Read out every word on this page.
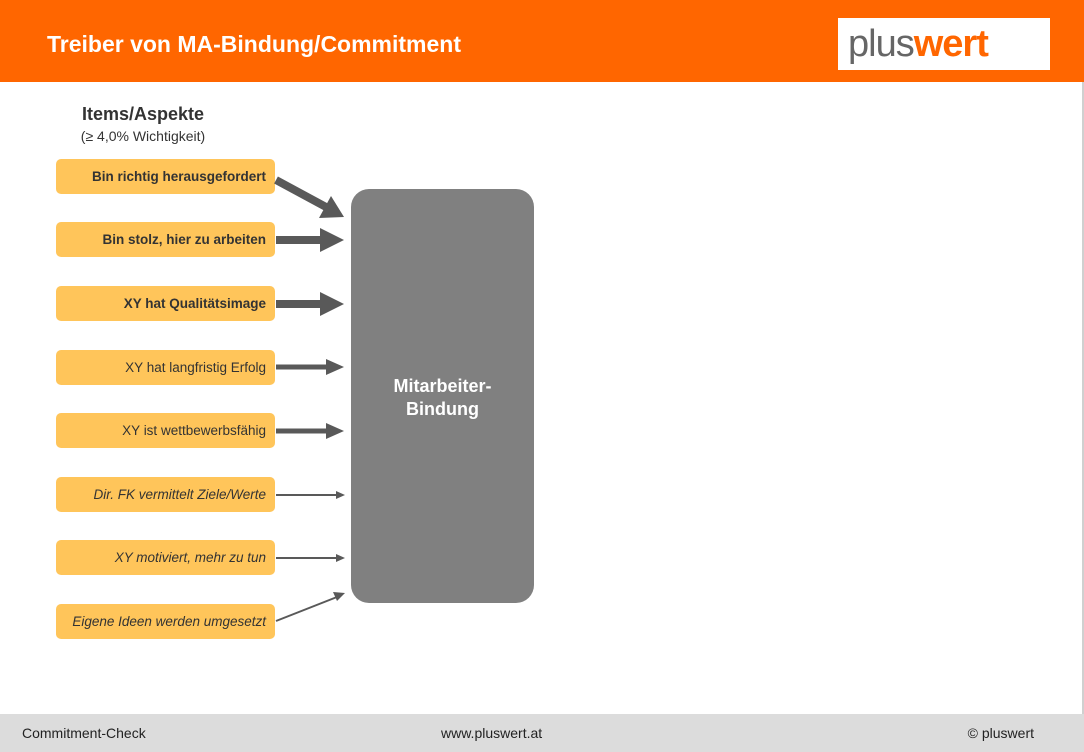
Treiber von MA-Bindung/Commitment	pluswert
Items/Aspekte
(≥ 4,0% Wichtigkeit)
Bin richtig herausgefordert
Bin stolz, hier zu arbeiten
XY hat Qualitätsimage
XY hat langfristig Erfolg
XY ist wettbewerbsfähig
Dir. FK vermittelt Ziele/Werte
XY motiviert, mehr zu tun
Eigene Ideen werden umgesetzt
Mitarbeiter-
Bindung
Commitment-Check	www.pluswert.at	© pluswert
